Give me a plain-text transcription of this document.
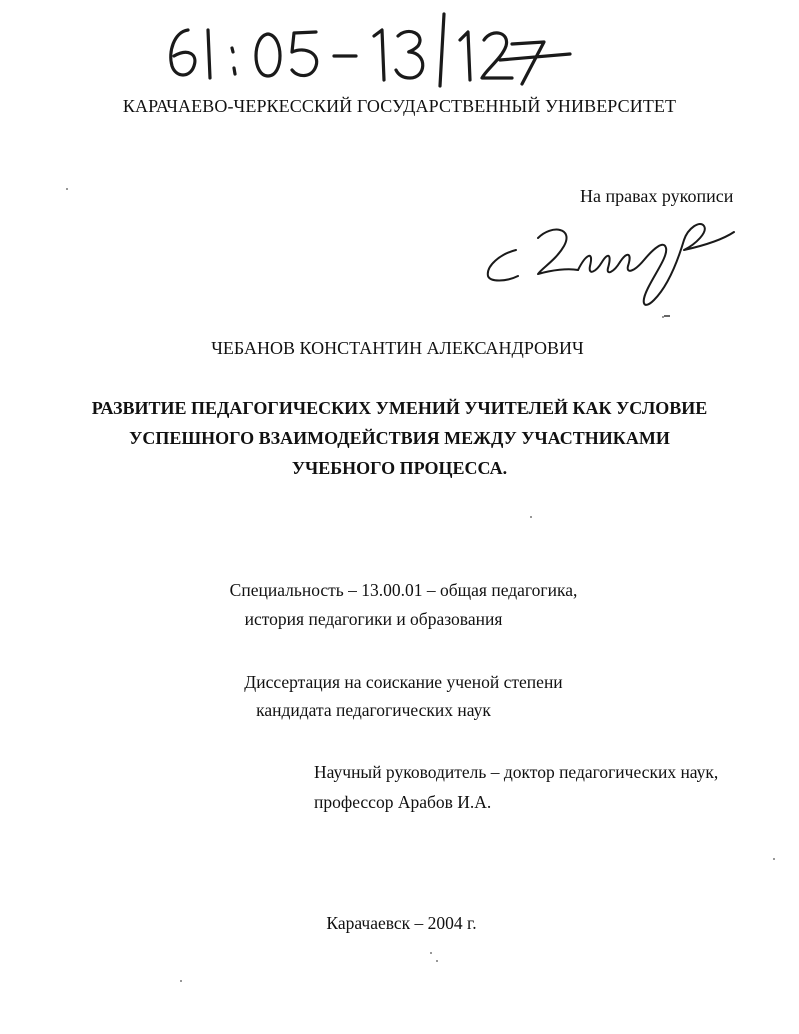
КАРАЧАЕВО-ЧЕРКЕССКИЙ ГОСУДАРСТВЕННЫЙ УНИВЕРСИТЕТ
На правах рукописи
ЧЕБАНОВ КОНСТАНТИН АЛЕКСАНДРОВИЧ
РАЗВИТИЕ ПЕДАГОГИЧЕСКИХ УМЕНИЙ УЧИТЕЛЕЙ КАК УСЛОВИЕ
УСПЕШНОГО ВЗАИМОДЕЙСТВИЯ МЕЖДУ УЧАСТНИКАМИ
УЧЕБНОГО ПРОЦЕССА.
Специальность – 13.00.01 – общая педагогика,
история педагогики и образования
Диссертация на соискание ученой степени
кандидата педагогических наук
Научный руководитель – доктор педагогических наук,
профессор Арабов И.А.
Карачаевск – 2004 г.
